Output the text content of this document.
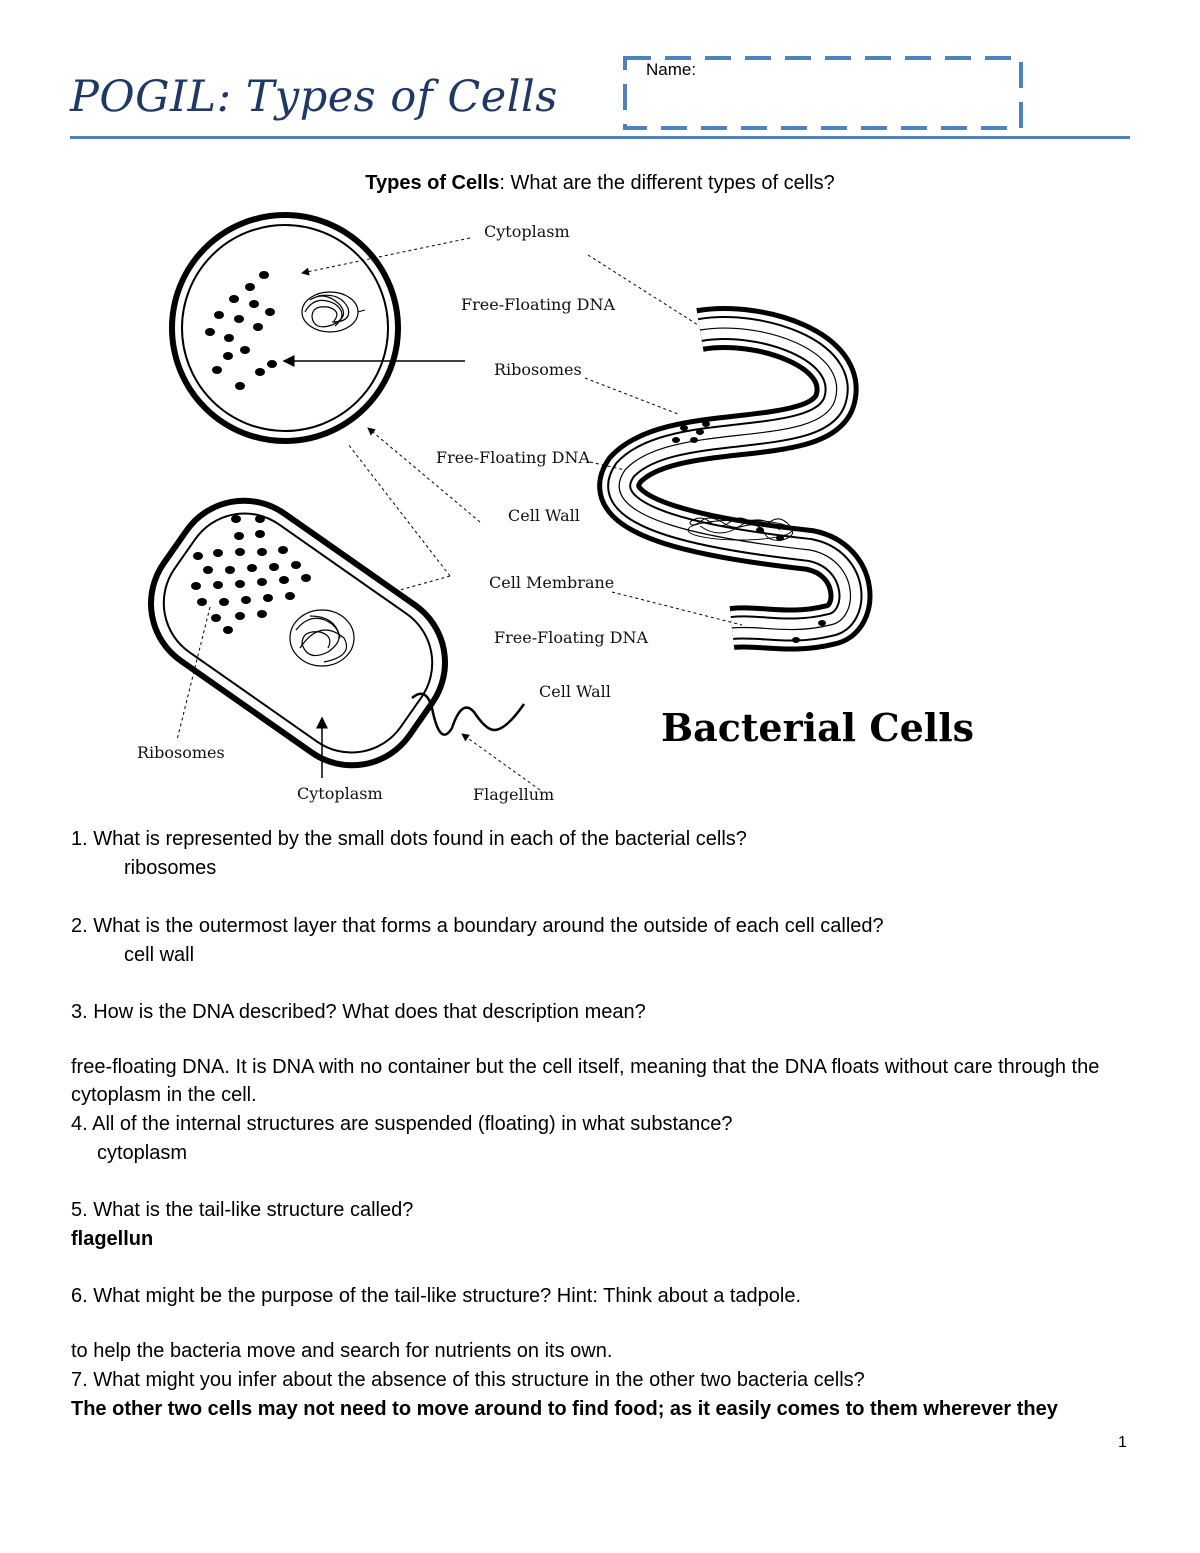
POGIL: Types of Cells
Name:
Types of Cells: What are the different types of cells?
Cytoplasm
Free-Floating DNA
Ribosomes
Free-Floating DNA
Cell Wall
Cell Membrane
Free-Floating DNA
Cell Wall
Ribosomes
Cytoplasm	Flagellum
Bacterial Cells

1. What is represented by the small dots found in each of the bacterial cells?

ribosomes

2. What is the outermost layer that forms a boundary around the outside of each cell called?

cell wall

3. How is the DNA described? What does that description mean?

free-floating DNA. It is DNA with no container but the cell itself, meaning that the DNA floats without care through the cytoplasm in the cell.

4. All of the internal structures are suspended (floating) in what substance?

cytoplasm

5. What is the tail-like structure called?

flagellun

6. What might be the purpose of the tail-like structure? Hint: Think about a tadpole.

to help the bacteria move and search for nutrients on its own.

7. What might you infer about the absence of this structure in the other two bacteria cells?

The other two cells may not need to move around to find food; as it easily comes to them wherever they

1
